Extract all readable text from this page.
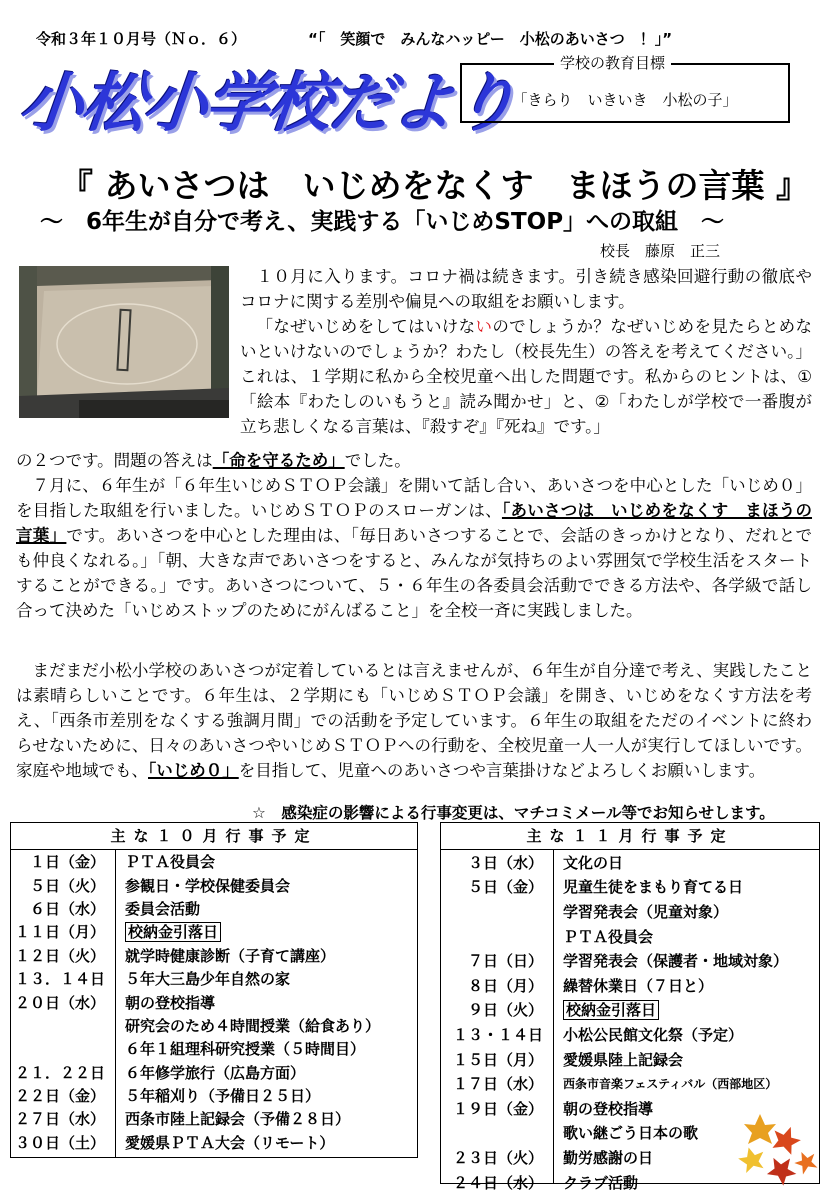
令和３年１０月号（Ｎｏ．６）	“「　笑顔で　みんなハッピー　小松のあいさつ　！」”
小松小学校だより
学校の教育目標
「きらり　いきいき　小松の子」
『 あいさつは　いじめをなくす　まほうの言葉 』
～　6年生が自分で考え、実践する「いじめSTOP」への取組　～
校長　藤原　正三

１０月に入ります。コロナ禍は続きます。引き続き感染回避行動の徹底やコロナに関する差別や偏見への取組をお願いします。

「なぜいじめをしてはいけないのでしょうか？なぜいじめを見たらとめないといけないのでしょうか？わたし（校長先生）の答えを考えてください。」これは、１学期に私から全校児童へ出した問題です。私からのヒントは、①「絵本『わたしのいもうと』読み聞かせ」と、②「わたしが学校で一番腹が立ち悲しくなる言葉は、『殺すぞ』『死ね』です。」

の２つです。問題の答えは「命を守るため」でした。

７月に、６年生が「６年生いじめＳＴＯＰ会議」を開いて話し合い、あいさつを中心とした「いじめ０」を目指した取組を行いました。いじめＳＴＯＰのスローガンは、「あいさつは　いじめをなくす　まほうの言葉」です。あいさつを中心とした理由は、「毎日あいさつすることで、会話のきっかけとなり、だれとでも仲良くなれる。」「朝、大きな声であいさつをすると、みんなが気持ちのよい雰囲気で学校生活をスタートすることができる。」です。あいさつについて、５・６年生の各委員会活動でできる方法や、各学級で話し合って決めた「いじめストップのためにがんばること」を全校一斉に実践しました。

まだまだ小松小学校のあいさつが定着しているとは言えませんが、６年生が自分達で考え、実践したことは素晴らしいことです。６年生は、２学期にも「いじめＳＴＯＰ会議」を開き、いじめをなくす方法を考え、「西条市差別をなくする強調月間」での活動を予定しています。６年生の取組をただのイベントに終わらせないために、日々のあいさつやいじめＳＴＯＰへの行動を、全校児童一人一人が実行してほしいです。家庭や地域でも、「いじめ０」を目指して、児童へのあいさつや言葉掛けなどよろしくお願いします。

☆　感染症の影響による行事変更は、マチコミメール等でお知らせします。
主な１０月行事予定
１日（金）	ＰＴＡ役員会
５日（火）	参観日・学校保健委員会
６日（水）	委員会活動
１１日（月）	校納金引落日
１２日（火）	就学時健康診断（子育て講座）
１３．１４日	５年大三島少年自然の家
２０日（水）	朝の登校指導
研究会のため４時間授業（給食あり）
６年１組理科研究授業（５時間目）
２１．２２日	６年修学旅行（広島方面）
２２日（金）	５年稲刈り（予備日２５日）
２７日（水）	西条市陸上記録会（予備２８日）
３０日（土）	愛媛県ＰＴＡ大会（リモート）
主な１１月行事予定
３日（水）	文化の日
５日（金）	児童生徒をまもり育てる日
学習発表会（児童対象）
ＰＴＡ役員会
７日（日）	学習発表会（保護者・地域対象）
８日（月）	繰替休業日（７日と）
９日（火）	校納金引落日
１３・１４日	小松公民館文化祭（予定）
１５日（月）	愛媛県陸上記録会
１７日（水）	西条市音楽フェスティバル（西部地区）
１９日（金）	朝の登校指導
歌い継ごう日本の歌
２３日（火）	勤労感謝の日
２４日（水）	クラブ活動
